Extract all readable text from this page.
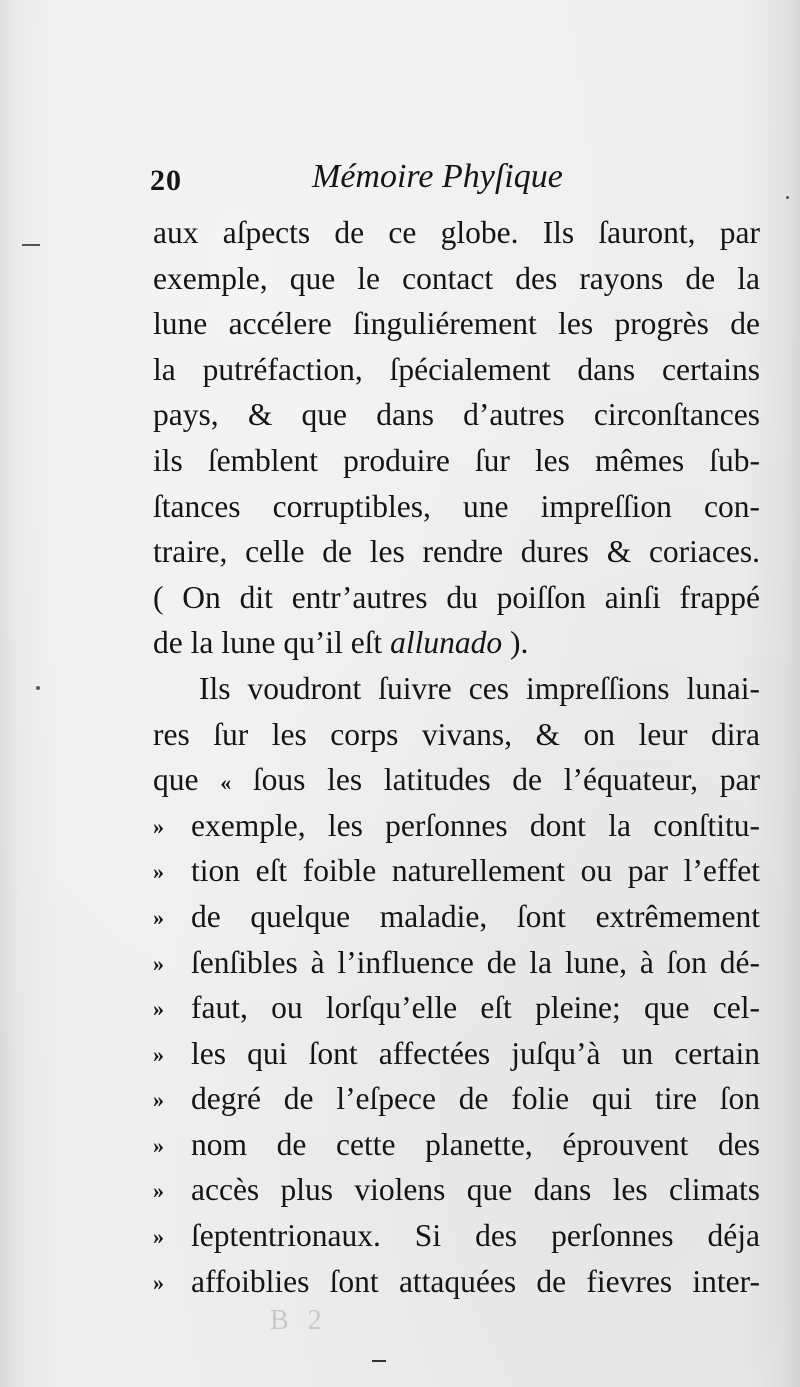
20	Mémoire Phyſique
aux aſpects de ce globe. Ils ſauront, par
exemple, que le contact des rayons de la
lune accélere ſinguliérement les progrès de
la putréfaction, ſpécialement dans certains
pays, & que dans d’autres circonſtances
ils ſemblent produire ſur les mêmes ſub-
ſtances corruptibles, une impreſſion con-
traire, celle de les rendre dures & coriaces.
( On dit entr’autres du poiſſon ainſi frappé
de la lune qu’il eſt allunado ).
Ils voudront ſuivre ces impreſſions lunai-
res ſur les corps vivans, & on leur dira
que « ſous les latitudes de l’équateur, par
» exemple, les perſonnes dont la conſtitu-
» tion eſt foible naturellement ou par l’effet
» de quelque maladie, ſont extrêmement
» ſenſibles à l’influence de la lune, à ſon dé-
» faut, ou lorſqu’elle eſt pleine; que cel-
» les qui ſont affectées juſqu’à un certain
» degré de l’eſpece de folie qui tire ſon
» nom de cette planette, éprouvent des
» accès plus violens que dans les climats
» ſeptentrionaux. Si des perſonnes déja
» affoiblies ſont attaquées de fievres inter-
B 2
